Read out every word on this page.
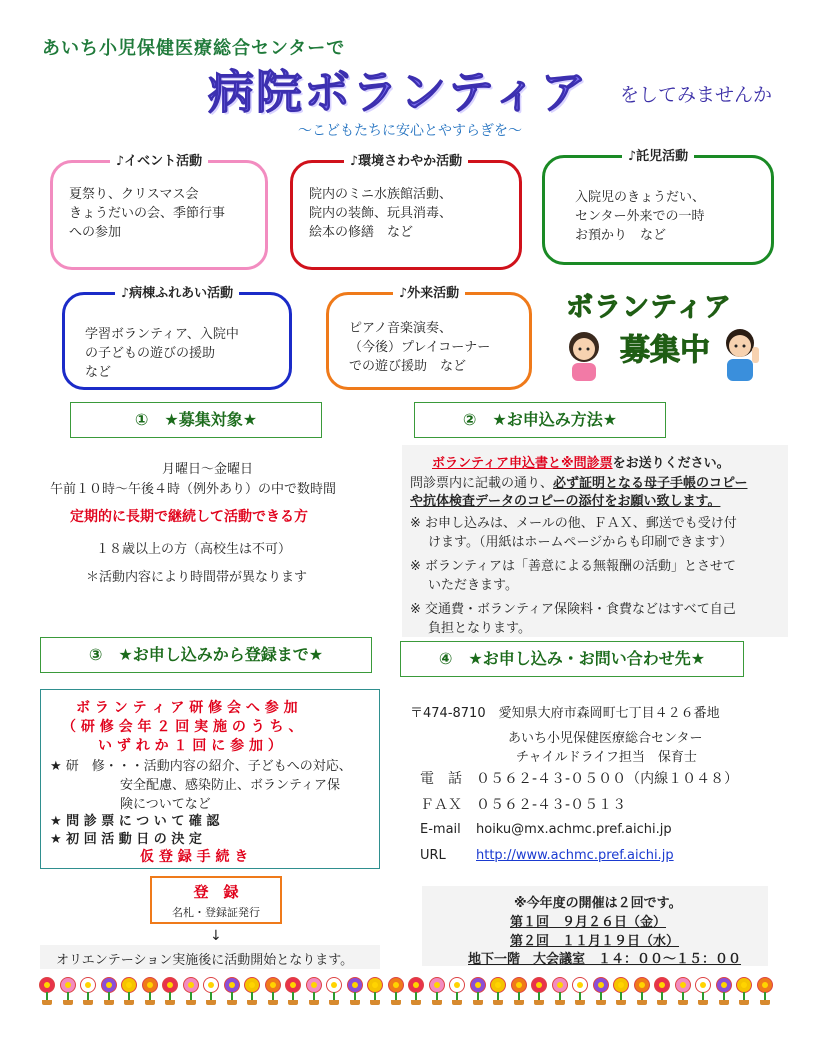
あいち小児保健医療総合センターで
病院ボランティア をしてみませんか
〜こどもたちに安心とやすらぎを〜
♪イベント活動
夏祭り、クリスマス会
きょうだいの会、季節行事
への参加
♪環境さわやか活動
院内のミニ水族館活動、
院内の装飾、玩具消毒、
絵本の修繕　など
♪託児活動
入院児のきょうだい、
センター外来での一時
お預かり　など
♪病棟ふれあい活動
学習ボランティア、入院中
の子どもの遊びの援助
など
♪外来活動
ピアノ音楽演奏、
（今後）プレイコーナー
での遊び援助　など
ボランティア
募集中
①　★募集対象★
月曜日〜金曜日
午前１０時〜午後４時（例外あり）の中で数時間
定期的に長期で継続して活動できる方
１８歳以上の方（高校生は不可）
＊活動内容により時間帯が異なります
②　★お申込み方法★
ボランティア申込書と※問診票をお送りください。
問診票内に記載の通り、必ず証明となる母子手帳のコピー
や抗体検査データのコピーの添付をお願い致します。
※ お申し込みは、メールの他、ＦＡＸ、郵送でも受け付
けます。（用紙はホームページからも印刷できます）
※ ボランティアは「善意による無報酬の活動」とさせて
いただきます。
※ 交通費・ボランティア保険料・食費などはすべて自己
負担となります。
③　★お申し込みから登録まで★
ボ ラ ン テ ィ ア 研 修 会 へ 参 加
（ 研 修 会 年 ２ 回 実 施 の う ち 、
い ず れ か １ 回 に 参 加 ）
★ 研　修・・・活動内容の紹介、子どもへの対応、
安全配慮、感染防止、ボランティア保
険についてなど
★ 問 診 票 に つ い て 確 認
★ 初 回 活 動 日 の 決 定
仮 登 録 手 続 き
登　録
名札・登録証発行
↓
オリエンテーション実施後に活動開始となります。
④　★お申し込み・お問い合わせ先★
〒474-8710　愛知県大府市森岡町七丁目４２６番地
あいち小児保健医療総合センター
チャイルドライフ担当　保育士
電　話 ０５６２-４３-０５００（内線１０４８）
ＦＡＸ ０５６２-４３-０５１３
E-mail hoiku@mx.achmc.pref.aichi.jp
URL http://www.achmc.pref.aichi.jp
※今年度の開催は２回です。
第１回　９月２６日（金）
第２回　１１月１９日（水）
地下一階　大会議室　１４：００〜１５：００
